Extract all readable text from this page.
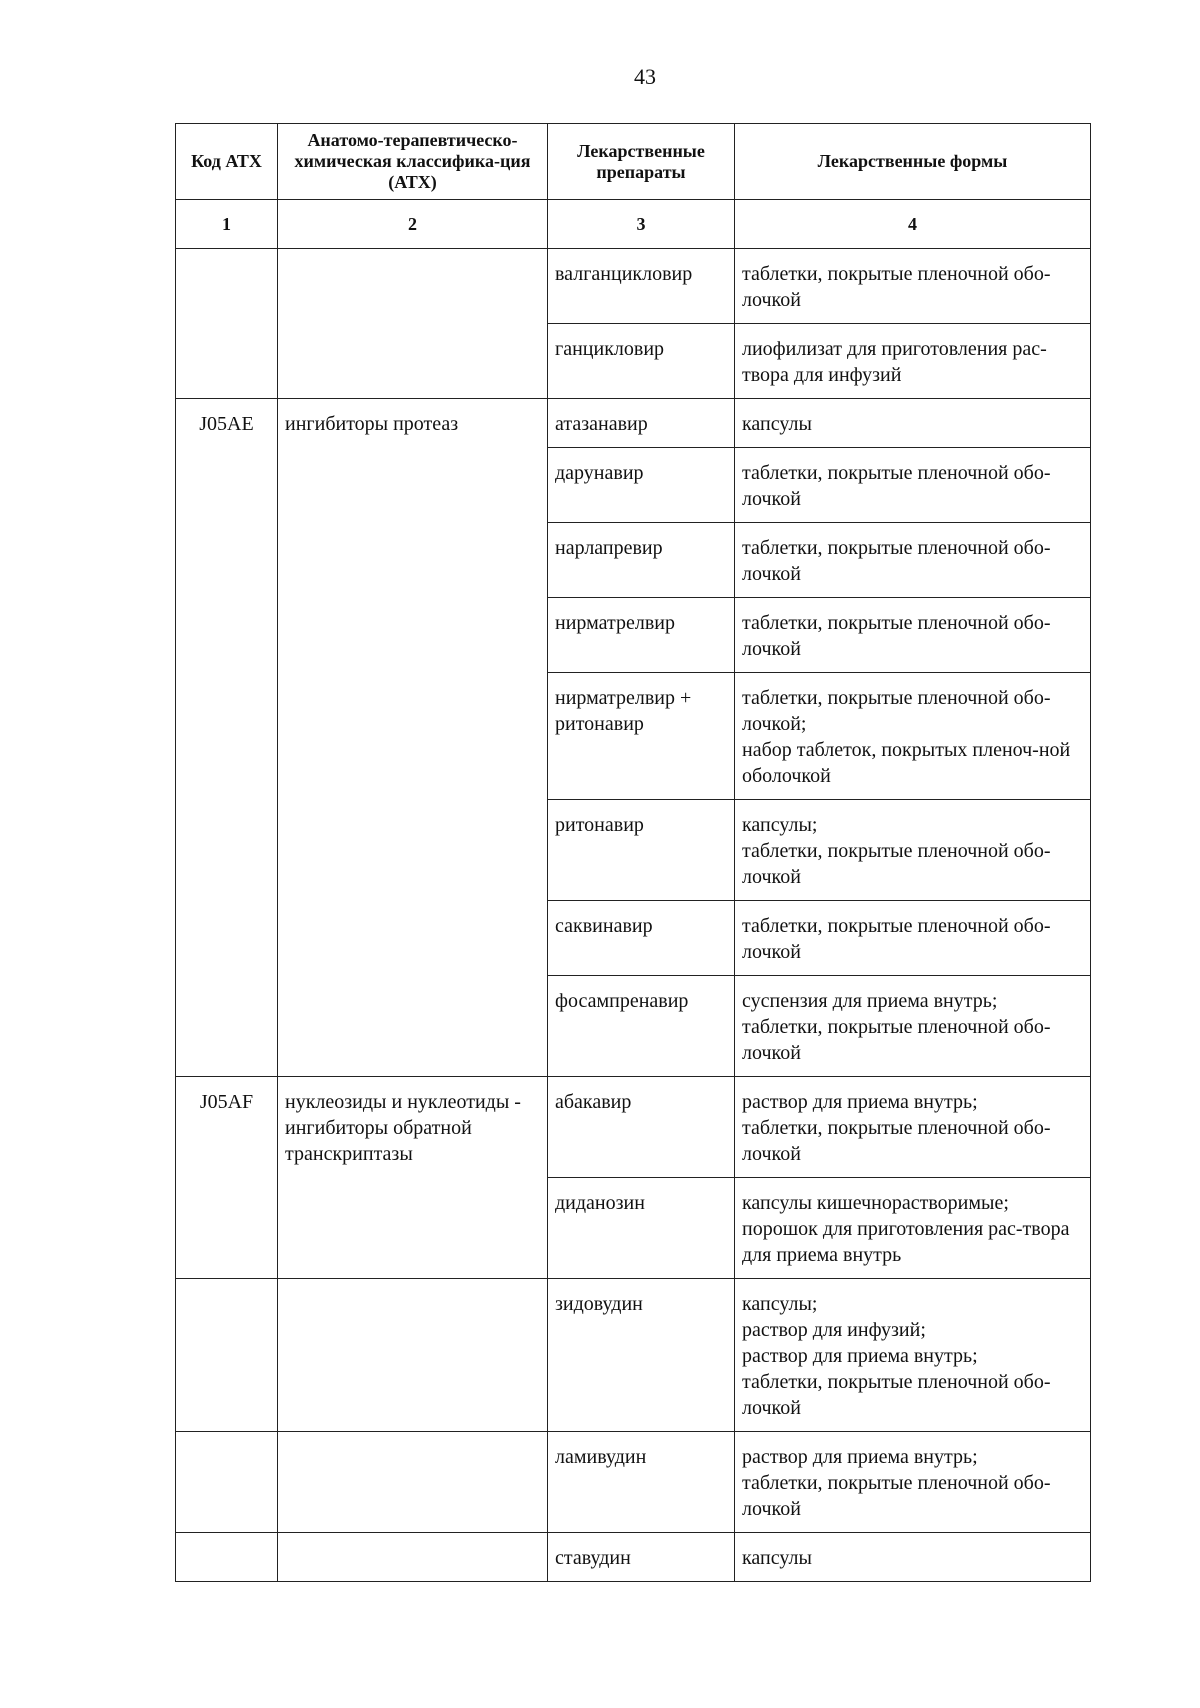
43
Код АТХ	Анатомо-терапевтическо-химическая классифика-ция (АТХ)	Лекарственные препараты	Лекарственные формы
1	2	3	4
		валганцикловир	таблетки, покрытые пленочной обо-лочкой

		ганцикловир	лиофилизат для приготовления рас-твора для инфузий

J05AE	ингибиторы протеаз	атазанавир	капсулы

		дарунавир	таблетки, покрытые пленочной обо-лочкой

		нарлапревир	таблетки, покрытые пленочной обо-лочкой

		нирматрелвир	таблетки, покрытые пленочной обо-лочкой

		нирматрелвир + ритонавир	таблетки, покрытые пленочной обо-лочкой;
набор таблеток, покрытых пленоч-ной оболочкой

		ритонавир	капсулы;
таблетки, покрытые пленочной обо-лочкой

		саквинавир	таблетки, покрытые пленочной обо-лочкой

		фосампренавир	суспензия для приема внутрь;
таблетки, покрытые пленочной обо-лочкой

J05AF	нуклеозиды и нуклеотиды - ингибиторы обратной транскриптазы	абакавир	раствор для приема внутрь;
таблетки, покрытые пленочной обо-лочкой

		диданозин	капсулы кишечнорастворимые;
порошок для приготовления рас-твора для приема внутрь

		зидовудин	капсулы;
раствор для инфузий;
раствор для приема внутрь;
таблетки, покрытые пленочной обо-лочкой

		ламивудин	раствор для приема внутрь;
таблетки, покрытые пленочной обо-лочкой

		ставудин	капсулы
